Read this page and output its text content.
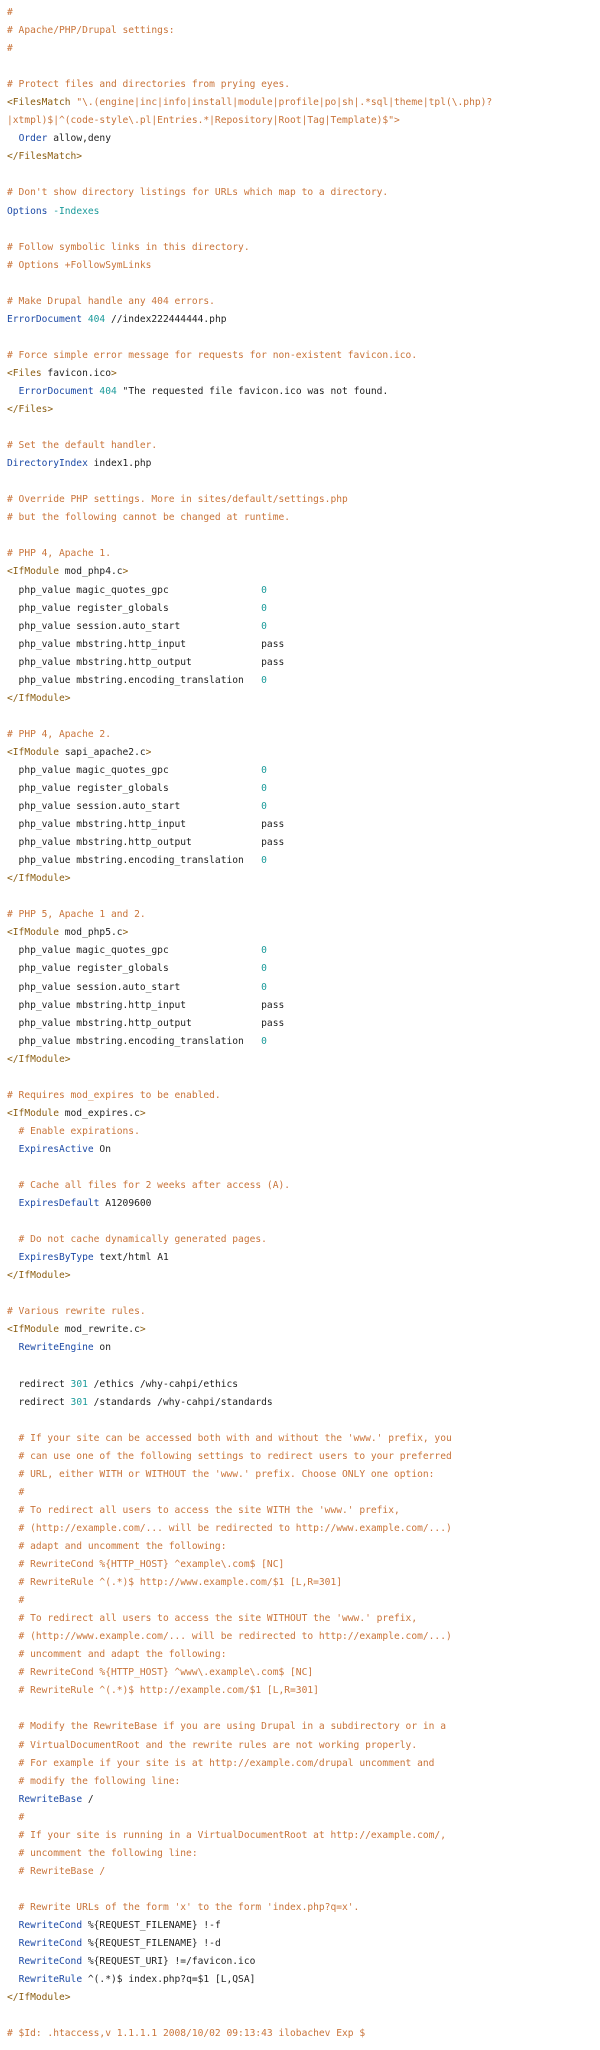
#
# Apache/PHP/Drupal settings:
#

# Protect files and directories from prying eyes.
<FilesMatch "\.(engine|inc|info|install|module|profile|po|sh|.*sql|theme|tpl(\.php)?
|xtmpl)$|^(code-style\.pl|Entries.*|Repository|Root|Tag|Template)$">
Order allow,deny
</FilesMatch>

# Don't show directory listings for URLs which map to a directory.
Options -Indexes

# Follow symbolic links in this directory.
# Options +FollowSymLinks

# Make Drupal handle any 404 errors.
ErrorDocument 404 //index222444444.php

# Force simple error message for requests for non-existent favicon.ico.
<Files favicon.ico>
ErrorDocument 404 "The requested file favicon.ico was not found.
</Files>

# Set the default handler.
DirectoryIndex index1.php

# Override PHP settings. More in sites/default/settings.php
# but the following cannot be changed at runtime.

# PHP 4, Apache 1.
<IfModule mod_php4.c>
php_value magic_quotes_gpc                0
php_value register_globals                0
php_value session.auto_start              0
php_value mbstring.http_input             pass
php_value mbstring.http_output            pass
php_value mbstring.encoding_translation   0
</IfModule>

# PHP 4, Apache 2.
<IfModule sapi_apache2.c>
php_value magic_quotes_gpc                0
php_value register_globals                0
php_value session.auto_start              0
php_value mbstring.http_input             pass
php_value mbstring.http_output            pass
php_value mbstring.encoding_translation   0
</IfModule>

# PHP 5, Apache 1 and 2.
<IfModule mod_php5.c>
php_value magic_quotes_gpc                0
php_value register_globals                0
php_value session.auto_start              0
php_value mbstring.http_input             pass
php_value mbstring.http_output            pass
php_value mbstring.encoding_translation   0
</IfModule>

# Requires mod_expires to be enabled.
<IfModule mod_expires.c>
# Enable expirations.
ExpiresActive On

# Cache all files for 2 weeks after access (A).
ExpiresDefault A1209600

# Do not cache dynamically generated pages.
ExpiresByType text/html A1
</IfModule>

# Various rewrite rules.
<IfModule mod_rewrite.c>
RewriteEngine on

redirect 301 /ethics /why-cahpi/ethics
redirect 301 /standards /why-cahpi/standards

# If your site can be accessed both with and without the 'www.' prefix, you
# can use one of the following settings to redirect users to your preferred
# URL, either WITH or WITHOUT the 'www.' prefix. Choose ONLY one option:
#
# To redirect all users to access the site WITH the 'www.' prefix,
# (http://example.com/... will be redirected to http://www.example.com/...)
# adapt and uncomment the following:
# RewriteCond %{HTTP_HOST} ^example\.com$ [NC]
# RewriteRule ^(.*)$ http://www.example.com/$1 [L,R=301]
#
# To redirect all users to access the site WITHOUT the 'www.' prefix,
# (http://www.example.com/... will be redirected to http://example.com/...)
# uncomment and adapt the following:
# RewriteCond %{HTTP_HOST} ^www\.example\.com$ [NC]
# RewriteRule ^(.*)$ http://example.com/$1 [L,R=301]

# Modify the RewriteBase if you are using Drupal in a subdirectory or in a
# VirtualDocumentRoot and the rewrite rules are not working properly.
# For example if your site is at http://example.com/drupal uncomment and
# modify the following line:
RewriteBase /
#
# If your site is running in a VirtualDocumentRoot at http://example.com/,
# uncomment the following line:
# RewriteBase /

# Rewrite URLs of the form 'x' to the form 'index.php?q=x'.
RewriteCond %{REQUEST_FILENAME} !-f
RewriteCond %{REQUEST_FILENAME} !-d
RewriteCond %{REQUEST_URI} !=/favicon.ico
RewriteRule ^(.*)$ index.php?q=$1 [L,QSA]
</IfModule>

# $Id: .htaccess,v 1.1.1.1 2008/10/02 09:13:43 ilobachev Exp $
